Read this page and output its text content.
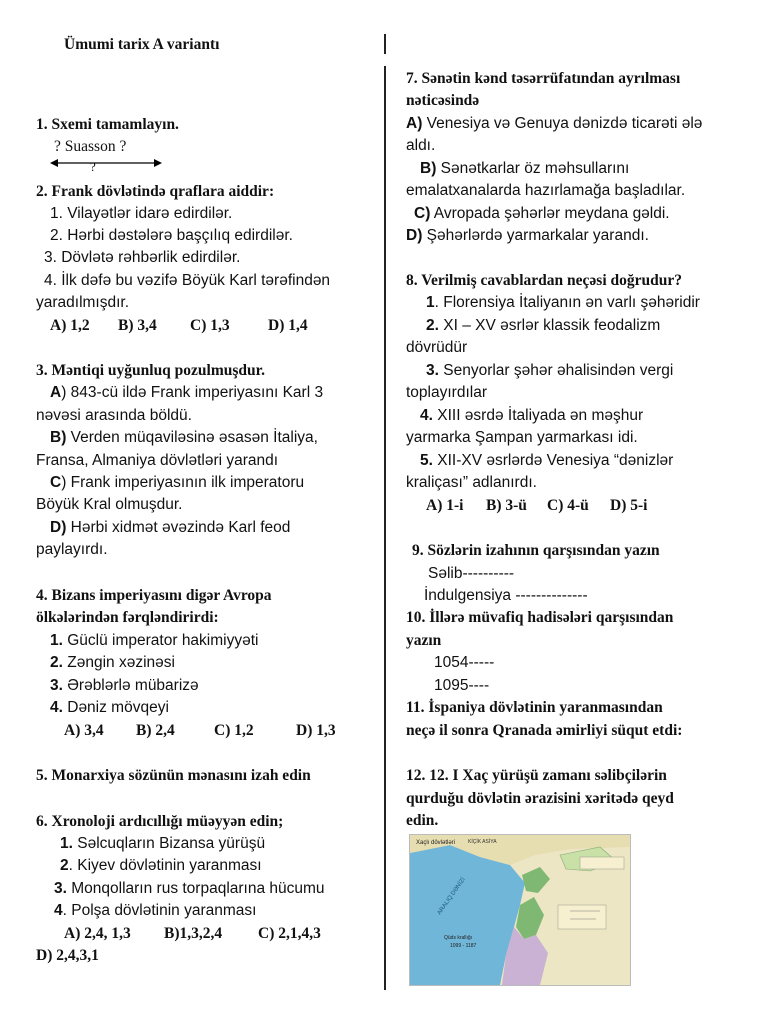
Ümumi tarix A variantı
1. Sxemi tamamlayın.
? Suasson ?
?
2. Frank dövlətində qraflara aiddir:
1. Vilayətlər idarə edirdilər.
2. Hərbi dəstələrə başçılıq edirdilər.
3. Dövlətə rəhbərlik edirdilər.
4. İlk dəfə bu vəzifə Böyük Karl tərəfindən
yaradılmışdır.
A) 1,2 B) 3,4 C) 1,3 D) 1,4
3. Məntiqi uyğunluq pozulmuşdur.
A) 843-cü ildə Frank imperiyasını Karl 3
nəvəsi arasında böldü.
B) Verden müqaviləsinə əsasən İtaliya,
Fransa, Almaniya dövlətləri yarandı
C) Frank imperiyasının ilk imperatoru
Böyük Kral olmuşdur.
D) Hərbi xidmət əvəzində Karl feod
paylayırdı.
4. Bizans imperiyasını digər Avropa
ölkələrindən fərqləndirirdi:
1. Güclü imperator hakimiyyəti
2. Zəngin xəzinəsi
3. Ərəblərlə mübarizə
4. Dəniz mövqeyi
A) 3,4 B) 2,4	C) 1,2	D) 1,3
5. Monarxiya sözünün mənasını izah edin
6. Xronoloji ardıcıllığı müəyyən edin;
1. Səlcuqların Bizansa yürüşü
2. Kiyev dövlətinin yaranması
3. Monqolların rus torpaqlarına hücumu
4. Polşa dövlətinin yaranması
A) 2,4, 1,3 B)1,3,2,4 C) 2,1,4,3
D) 2,4,3,1
7. Sənətin kənd təsərrüfatından ayrılması
nəticəsində
A) Venesiya və Genuya dənizdə ticarəti ələ
aldı.
B) Sənətkarlar öz məhsullarını
emalatxanalarda hazırlamağa başladılar.
C) Avropada şəhərlər meydana gəldi.
D) Şəhərlərdə yarmarkalar yarandı.
8. Verilmiş cavablardan neçəsi doğrudur?
1. Florensiya İtaliyanın ən varlı şəhəridir
2. XI – XV əsrlər klassik feodalizm
dövrüdür
3. Senyorlar şəhər əhalisindən vergi
toplayırdılar
4. XIII əsrdə İtaliyada ən məşhur
yarmarka Şampan yarmarkası idi.
5. XII-XV əsrlərdə Venesiya “dənizlər
kraliçası” adlanırdı.
A) 1-i B) 3-ü C) 4-ü D) 5-i
9. Sözlərin izahının qarşısından yazın
Səlib----------
İndulgensiya --------------
10. İllərə müvafiq hadisələri qarşısından
yazın
1054-----
1095----
11. İspaniya dövlətinin yaranmasından
neçə il sonra Qranada əmirliyi süqut etdi:
12. 12. I Xaç yürüşü zamanı səlibçilərin
qurduğu dövlətin ərazisini xəritədə qeyd
edin.
Xaçlı dövlətləri	KİÇİK ASİYA
ARALIQ DƏNİZİ
Qüds krallığı
1099 - 1187
